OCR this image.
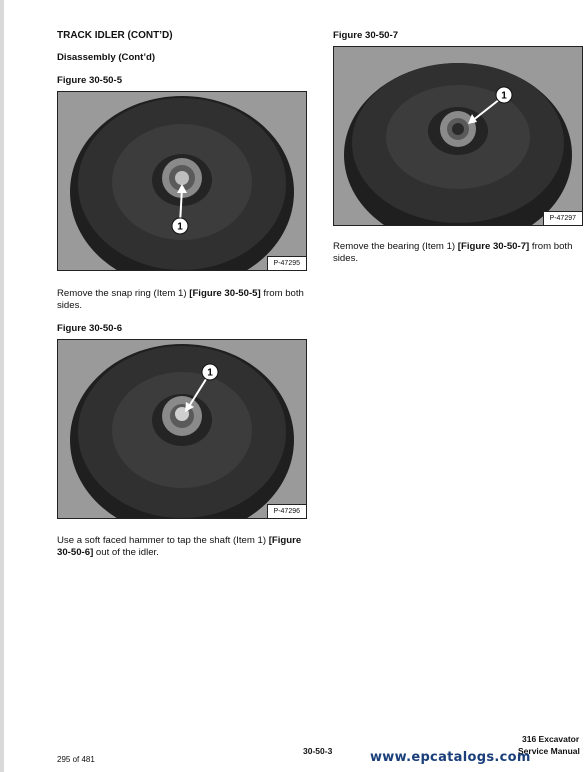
TRACK IDLER (CONT’D)
Disassembly (Cont’d)
Figure 30-50-5
1
P-47295
Remove the snap ring (Item 1) [Figure 30-50-5] from both sides.
Figure 30-50-6
1
P-47296
Use a soft faced hammer to tap the shaft (Item 1) [Figure 30-50-6] out of the idler.
Figure 30-50-7
1
P-47297
Remove the bearing (Item 1) [Figure 30-50-7] from both sides.
295 of 481
30-50-3
316 Excavator
Service Manual
www.epcatalogs.com
